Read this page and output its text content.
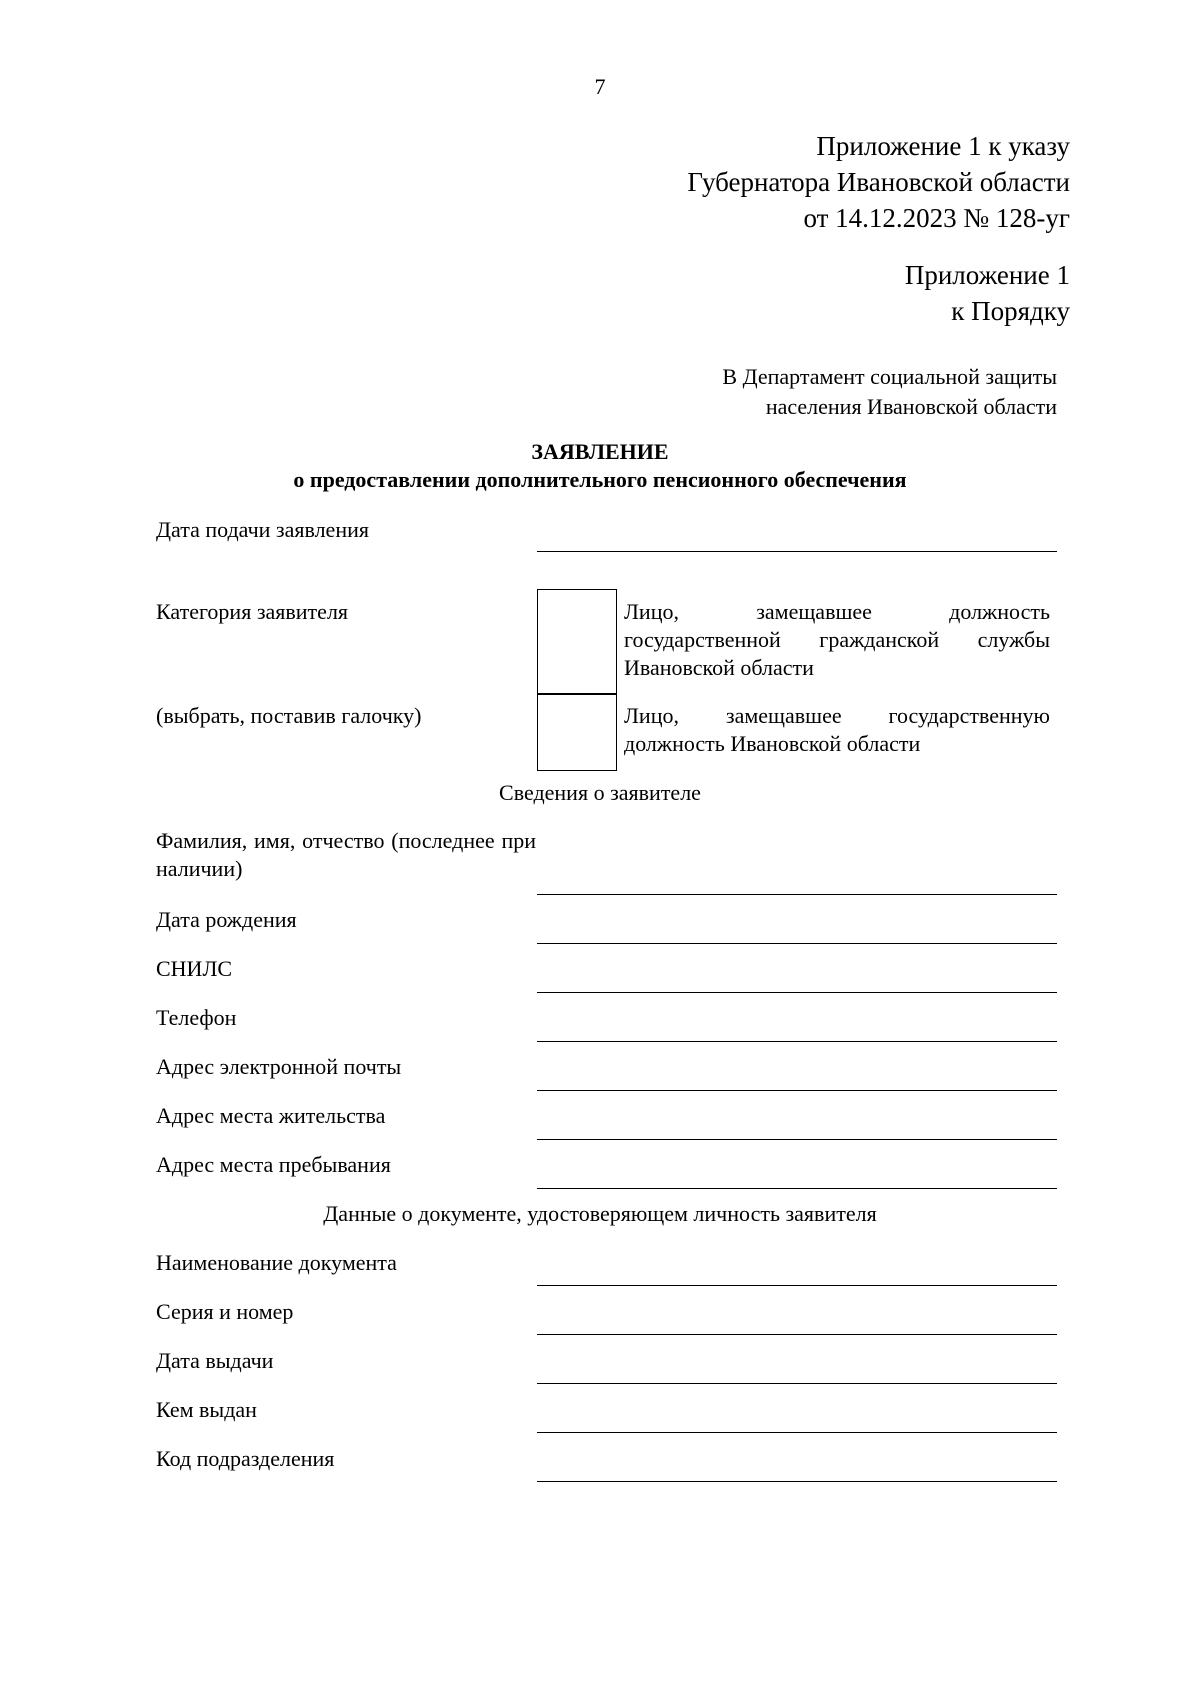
7
Приложение 1 к указу
Губернатора Ивановской области
от 14.12.2023 № 128-уг
Приложение 1
к Порядку
В Департамент социальной защиты
населения Ивановской области
ЗАЯВЛЕНИЕ
о предоставлении дополнительного пенсионного обеспечения
Дата подачи заявления
Категория заявителя
(выбрать, поставив галочку)
Лицо, замещавшее должность государственной гражданской службы Ивановской области
Лицо, замещавшее государственную должность Ивановской области
Сведения о заявителе
Фамилия, имя, отчество (последнее при наличии)
Дата рождения
СНИЛС
Телефон
Адрес электронной почты
Адрес места жительства
Адрес места пребывания
Данные о документе, удостоверяющем личность заявителя
Наименование документа
Серия и номер
Дата выдачи
Кем выдан
Код подразделения
